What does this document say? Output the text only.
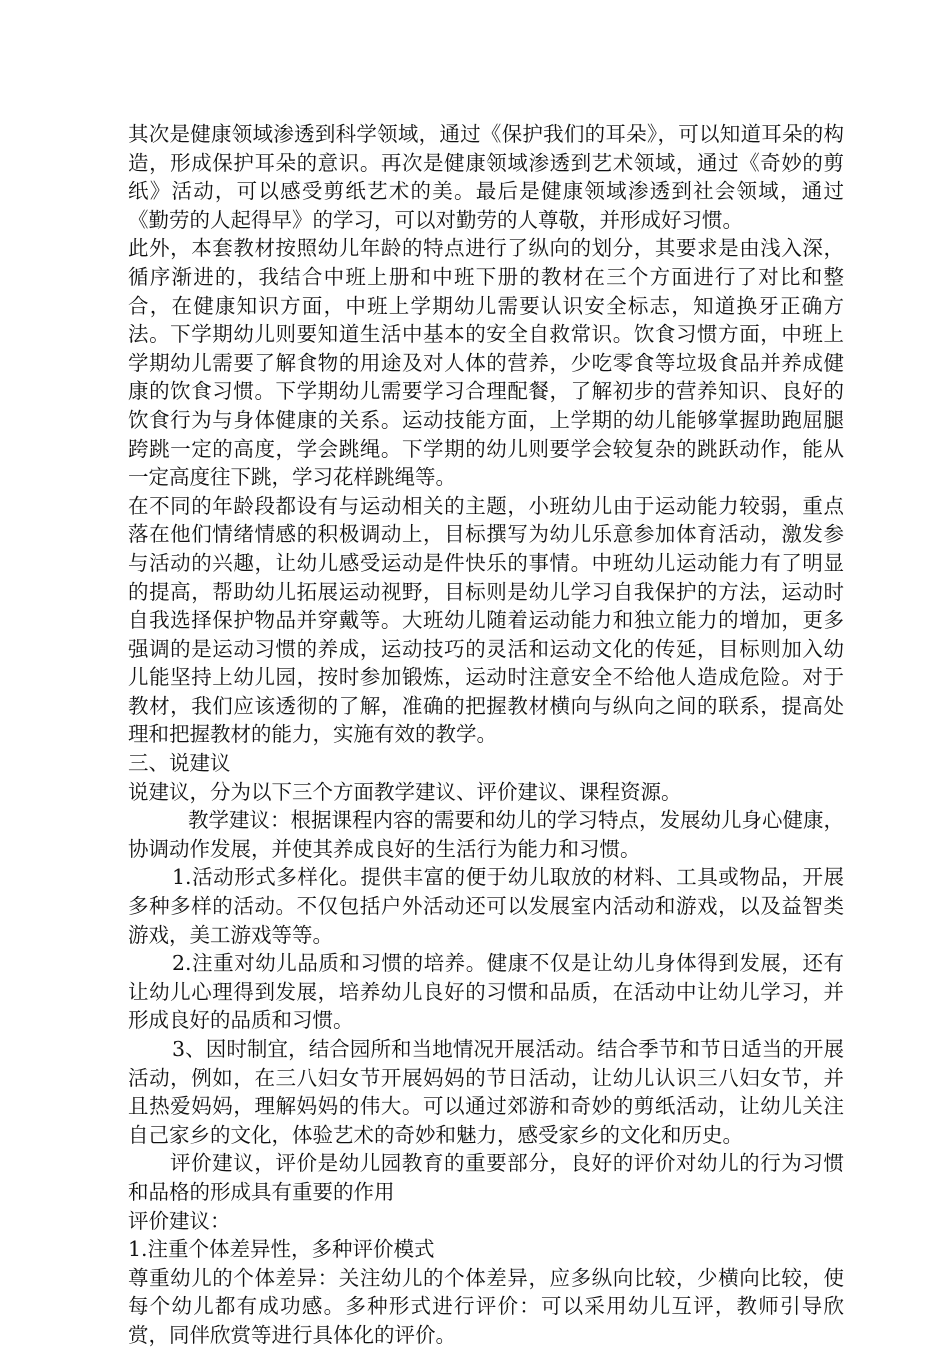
其次是健康领域渗透到科学领域，通过《保护我们的耳朵》，可以知道耳朵的构造，形成保护耳朵的意识。再次是健康领域渗透到艺术领域，通过《奇妙的剪纸》活动，可以感受剪纸艺术的美。最后是健康领域渗透到社会领域，通过《勤劳的人起得早》的学习，可以对勤劳的人尊敬，并形成好习惯。

此外，本套教材按照幼儿年龄的特点进行了纵向的划分，其要求是由浅入深，循序渐进的，我结合中班上册和中班下册的教材在三个方面进行了对比和整合，在健康知识方面，中班上学期幼儿需要认识安全标志，知道换牙正确方法。下学期幼儿则要知道生活中基本的安全自救常识。饮食习惯方面，中班上学期幼儿需要了解食物的用途及对人体的营养，少吃零食等垃圾食品并养成健康的饮食习惯。下学期幼儿需要学习合理配餐，了解初步的营养知识、良好的饮食行为与身体健康的关系。运动技能方面，上学期的幼儿能够掌握助跑屈腿跨跳一定的高度，学会跳绳。下学期的幼儿则要学会较复杂的跳跃动作，能从一定高度往下跳，学习花样跳绳等。

在不同的年龄段都设有与运动相关的主题，小班幼儿由于运动能力较弱，重点落在他们情绪情感的积极调动上，目标撰写为幼儿乐意参加体育活动，激发参与活动的兴趣，让幼儿感受运动是件快乐的事情。中班幼儿运动能力有了明显的提高，帮助幼儿拓展运动视野，目标则是幼儿学习自我保护的方法，运动时自我选择保护物品并穿戴等。大班幼儿随着运动能力和独立能力的增加，更多强调的是运动习惯的养成，运动技巧的灵活和运动文化的传延，目标则加入幼儿能坚持上幼儿园，按时参加锻炼，运动时注意安全不给他人造成危险。对于教材，我们应该透彻的了解，准确的把握教材横向与纵向之间的联系，提高处理和把握教材的能力，实施有效的教学。

三、说建议

说建议，分为以下三个方面教学建议、评价建议、课程资源。

教学建议：根据课程内容的需要和幼儿的学习特点，发展幼儿身心健康，协调动作发展，并使其养成良好的生活行为能力和习惯。

1.活动形式多样化。提供丰富的便于幼儿取放的材料、工具或物品，开展多种多样的活动。不仅包括户外活动还可以发展室内活动和游戏，以及益智类游戏，美工游戏等等。

2.注重对幼儿品质和习惯的培养。健康不仅是让幼儿身体得到发展，还有让幼儿心理得到发展，培养幼儿良好的习惯和品质，在活动中让幼儿学习，并形成良好的品质和习惯。

3、因时制宜，结合园所和当地情况开展活动。结合季节和节日适当的开展活动，例如，在三八妇女节开展妈妈的节日活动，让幼儿认识三八妇女节，并且热爱妈妈，理解妈妈的伟大。可以通过郊游和奇妙的剪纸活动，让幼儿关注自己家乡的文化，体验艺术的奇妙和魅力，感受家乡的文化和历史。

评价建议，评价是幼儿园教育的重要部分，良好的评价对幼儿的行为习惯和品格的形成具有重要的作用

评价建议：

1.注重个体差异性，多种评价模式

尊重幼儿的个体差异：关注幼儿的个体差异，应多纵向比较，少横向比较，使每个幼儿都有成功感。多种形式进行评价：可以采用幼儿互评，教师引导欣赏，同伴欣赏等进行具体化的评价。
